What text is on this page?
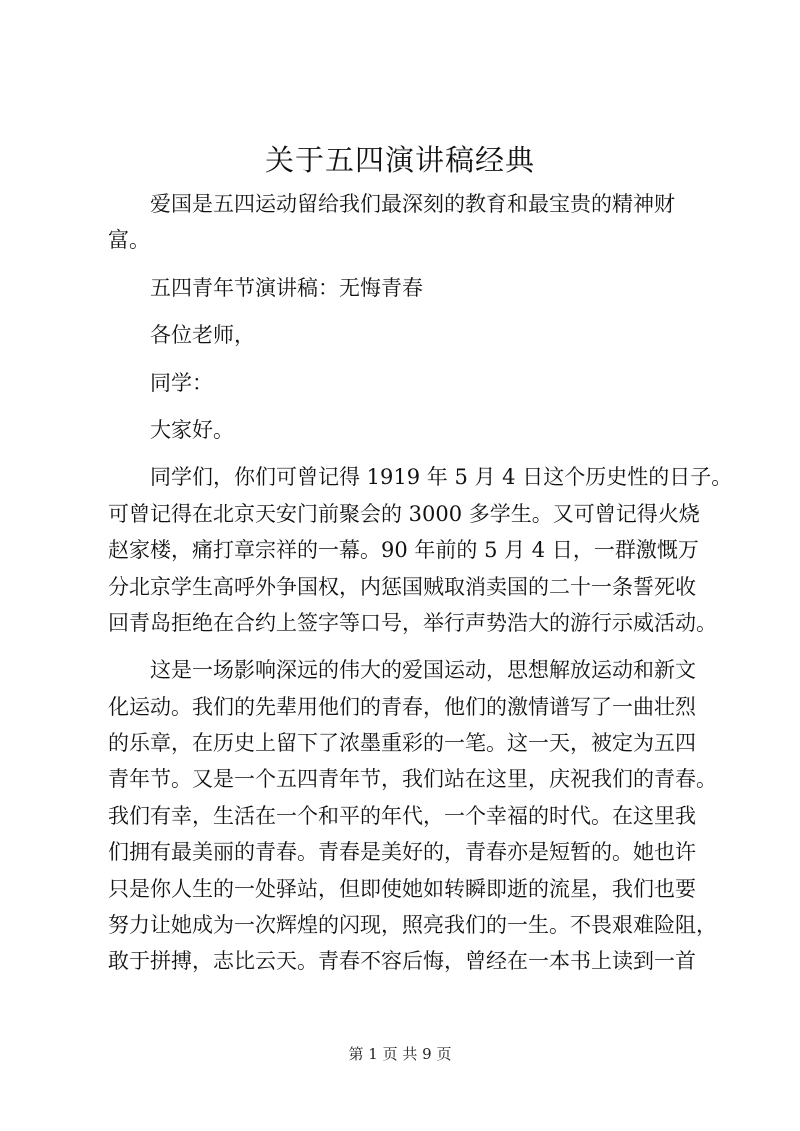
关于五四演讲稿经典
爱国是五四运动留给我们最深刻的教育和最宝贵的精神财
富。
五四青年节演讲稿：无悔青春
各位老师，
同学：
大家好。
同学们，你们可曾记得 1919 年 5 月 4 日这个历史性的日子。
可曾记得在北京天安门前聚会的 3000 多学生。又可曾记得火烧
赵家楼，痛打章宗祥的一幕。90 年前的 5 月 4 日，一群激慨万
分北京学生高呼外争国权，内惩国贼取消卖国的二十一条誓死收
回青岛拒绝在合约上签字等口号，举行声势浩大的游行示威活动。
这是一场影响深远的伟大的爱国运动，思想解放运动和新文
化运动。我们的先辈用他们的青春，他们的激情谱写了一曲壮烈
的乐章，在历史上留下了浓墨重彩的一笔。这一天，被定为五四
青年节。又是一个五四青年节，我们站在这里，庆祝我们的青春。
我们有幸，生活在一个和平的年代，一个幸福的时代。在这里我
们拥有最美丽的青春。青春是美好的，青春亦是短暂的。她也许
只是你人生的一处驿站，但即使她如转瞬即逝的流星，我们也要
努力让她成为一次辉煌的闪现，照亮我们的一生。不畏艰难险阻，
敢于拼搏，志比云天。青春不容后悔，曾经在一本书上读到一首
第 1 页 共 9 页
